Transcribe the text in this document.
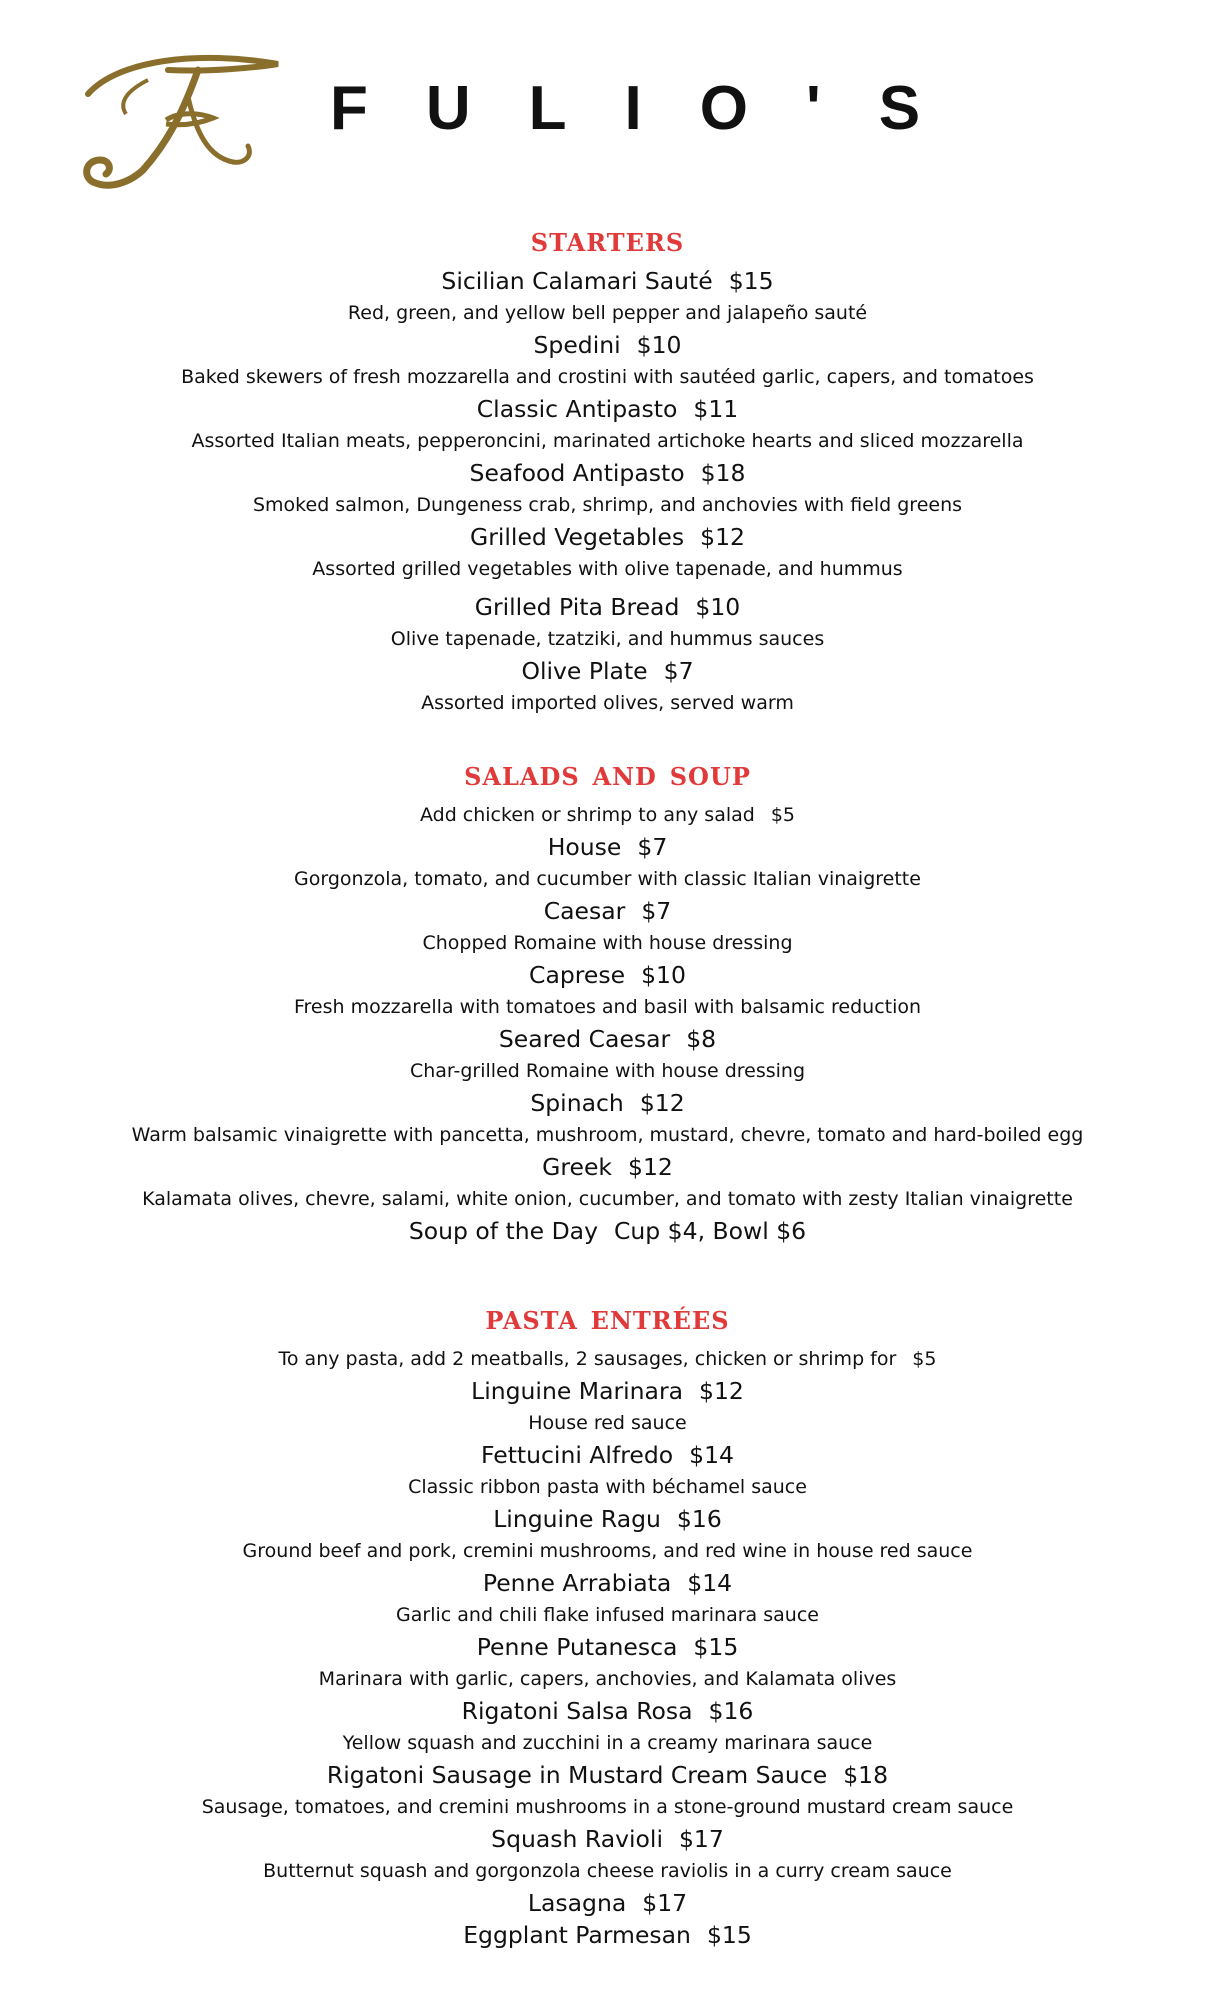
FULIO'S
starters
Sicilian Calamari Sauté $15
Red, green, and yellow bell pepper and jalapeño sauté
Spedini $10
Baked skewers of fresh mozzarella and crostini with sautéed garlic, capers, and tomatoes
Classic Antipasto $11
Assorted Italian meats, pepperoncini, marinated artichoke hearts and sliced mozzarella
Seafood Antipasto $18
Smoked salmon, Dungeness crab, shrimp, and anchovies with field greens
Grilled Vegetables $12
Assorted grilled vegetables with olive tapenade, and hummus
Grilled Pita Bread $10
Olive tapenade, tzatziki, and hummus sauces
Olive Plate $7
Assorted imported olives, served warm
salads and soup
Add chicken or shrimp to any salad $5
House $7
Gorgonzola, tomato, and cucumber with classic Italian vinaigrette
Caesar $7
Chopped Romaine with house dressing
Caprese $10
Fresh mozzarella with tomatoes and basil with balsamic reduction
Seared Caesar $8
Char-grilled Romaine with house dressing
Spinach $12
Warm balsamic vinaigrette with pancetta, mushroom, mustard, chevre, tomato and hard-boiled egg
Greek $12
Kalamata olives, chevre, salami, white onion, cucumber, and tomato with zesty Italian vinaigrette
Soup of the Day Cup $4, Bowl $6
pasta entrées
To any pasta, add 2 meatballs, 2 sausages, chicken or shrimp for $5
Linguine Marinara $12
House red sauce
Fettucini Alfredo $14
Classic ribbon pasta with béchamel sauce
Linguine Ragu $16
Ground beef and pork, cremini mushrooms, and red wine in house red sauce
Penne Arrabiata $14
Garlic and chili flake infused marinara sauce
Penne Putanesca $15
Marinara with garlic, capers, anchovies, and Kalamata olives
Rigatoni Salsa Rosa $16
Yellow squash and zucchini in a creamy marinara sauce
Rigatoni Sausage in Mustard Cream Sauce $18
Sausage, tomatoes, and cremini mushrooms in a stone-ground mustard cream sauce
Squash Ravioli $17
Butternut squash and gorgonzola cheese raviolis in a curry cream sauce
Lasagna $17
Eggplant Parmesan $15
